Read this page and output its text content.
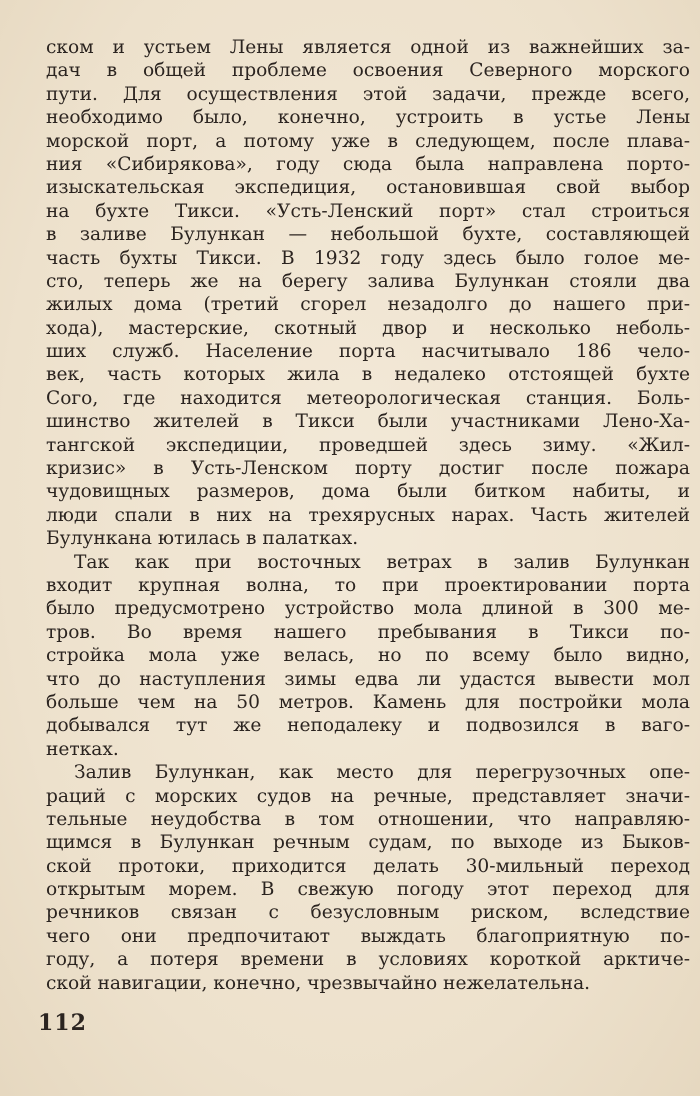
ском и устьем Лены является одной из важнейших за-
дач в общей проблеме освоения Северного морского
пути. Для осуществления этой задачи, прежде всего,
необходимо было, конечно, устроить в устье Лены
морской порт, а потому уже в следующем, после плава-
ния «Сибирякова», году сюда была направлена порто-
изыскательская экспедиция, остановившая свой выбор
на бухте Тикси. «Усть-Ленский порт» стал строиться
в заливе Булункан — небольшой бухте, составляющей
часть бухты Тикси. В 1932 году здесь было голое ме-
сто, теперь же на берегу залива Булункан стояли два
жилых дома (третий сгорел незадолго до нашего при-
хода), мастерские, скотный двор и несколько неболь-
ших служб. Население порта насчитывало 186 чело-
век, часть которых жила в недалеко отстоящей бухте
Сого, где находится метеорологическая станция. Боль-
шинство жителей в Тикси были участниками Лено-Ха-
тангской экспедиции, проведшей здесь зиму. «Жил-
кризис» в Усть-Ленском порту достиг после пожара
чудовищных размеров, дома были битком набиты, и
люди спали в них на трехярусных нарах. Часть жителей
Булункана ютилась в палатках.
Так как при восточных ветрах в залив Булункан
входит крупная волна, то при проектировании порта
было предусмотрено устройство мола длиной в 300 ме-
тров. Во время нашего пребывания в Тикси по-
стройка мола уже велась, но по всему было видно,
что до наступления зимы едва ли удастся вывести мол
больше чем на 50 метров. Камень для постройки мола
добывался тут же неподалеку и подвозился в ваго-
нетках.
Залив Булункан, как место для перегрузочных опе-
раций с морских судов на речные, представляет значи-
тельные неудобства в том отношении, что направляю-
щимся в Булункан речным судам, по выходе из Быков-
ской протоки, приходится делать 30-мильный переход
открытым морем. В свежую погоду этот переход для
речников связан с безусловным риском, вследствие
чего они предпочитают выждать благоприятную по-
году, а потеря времени в условиях короткой арктиче-
ской навигации, конечно, чрезвычайно нежелательна.
112
